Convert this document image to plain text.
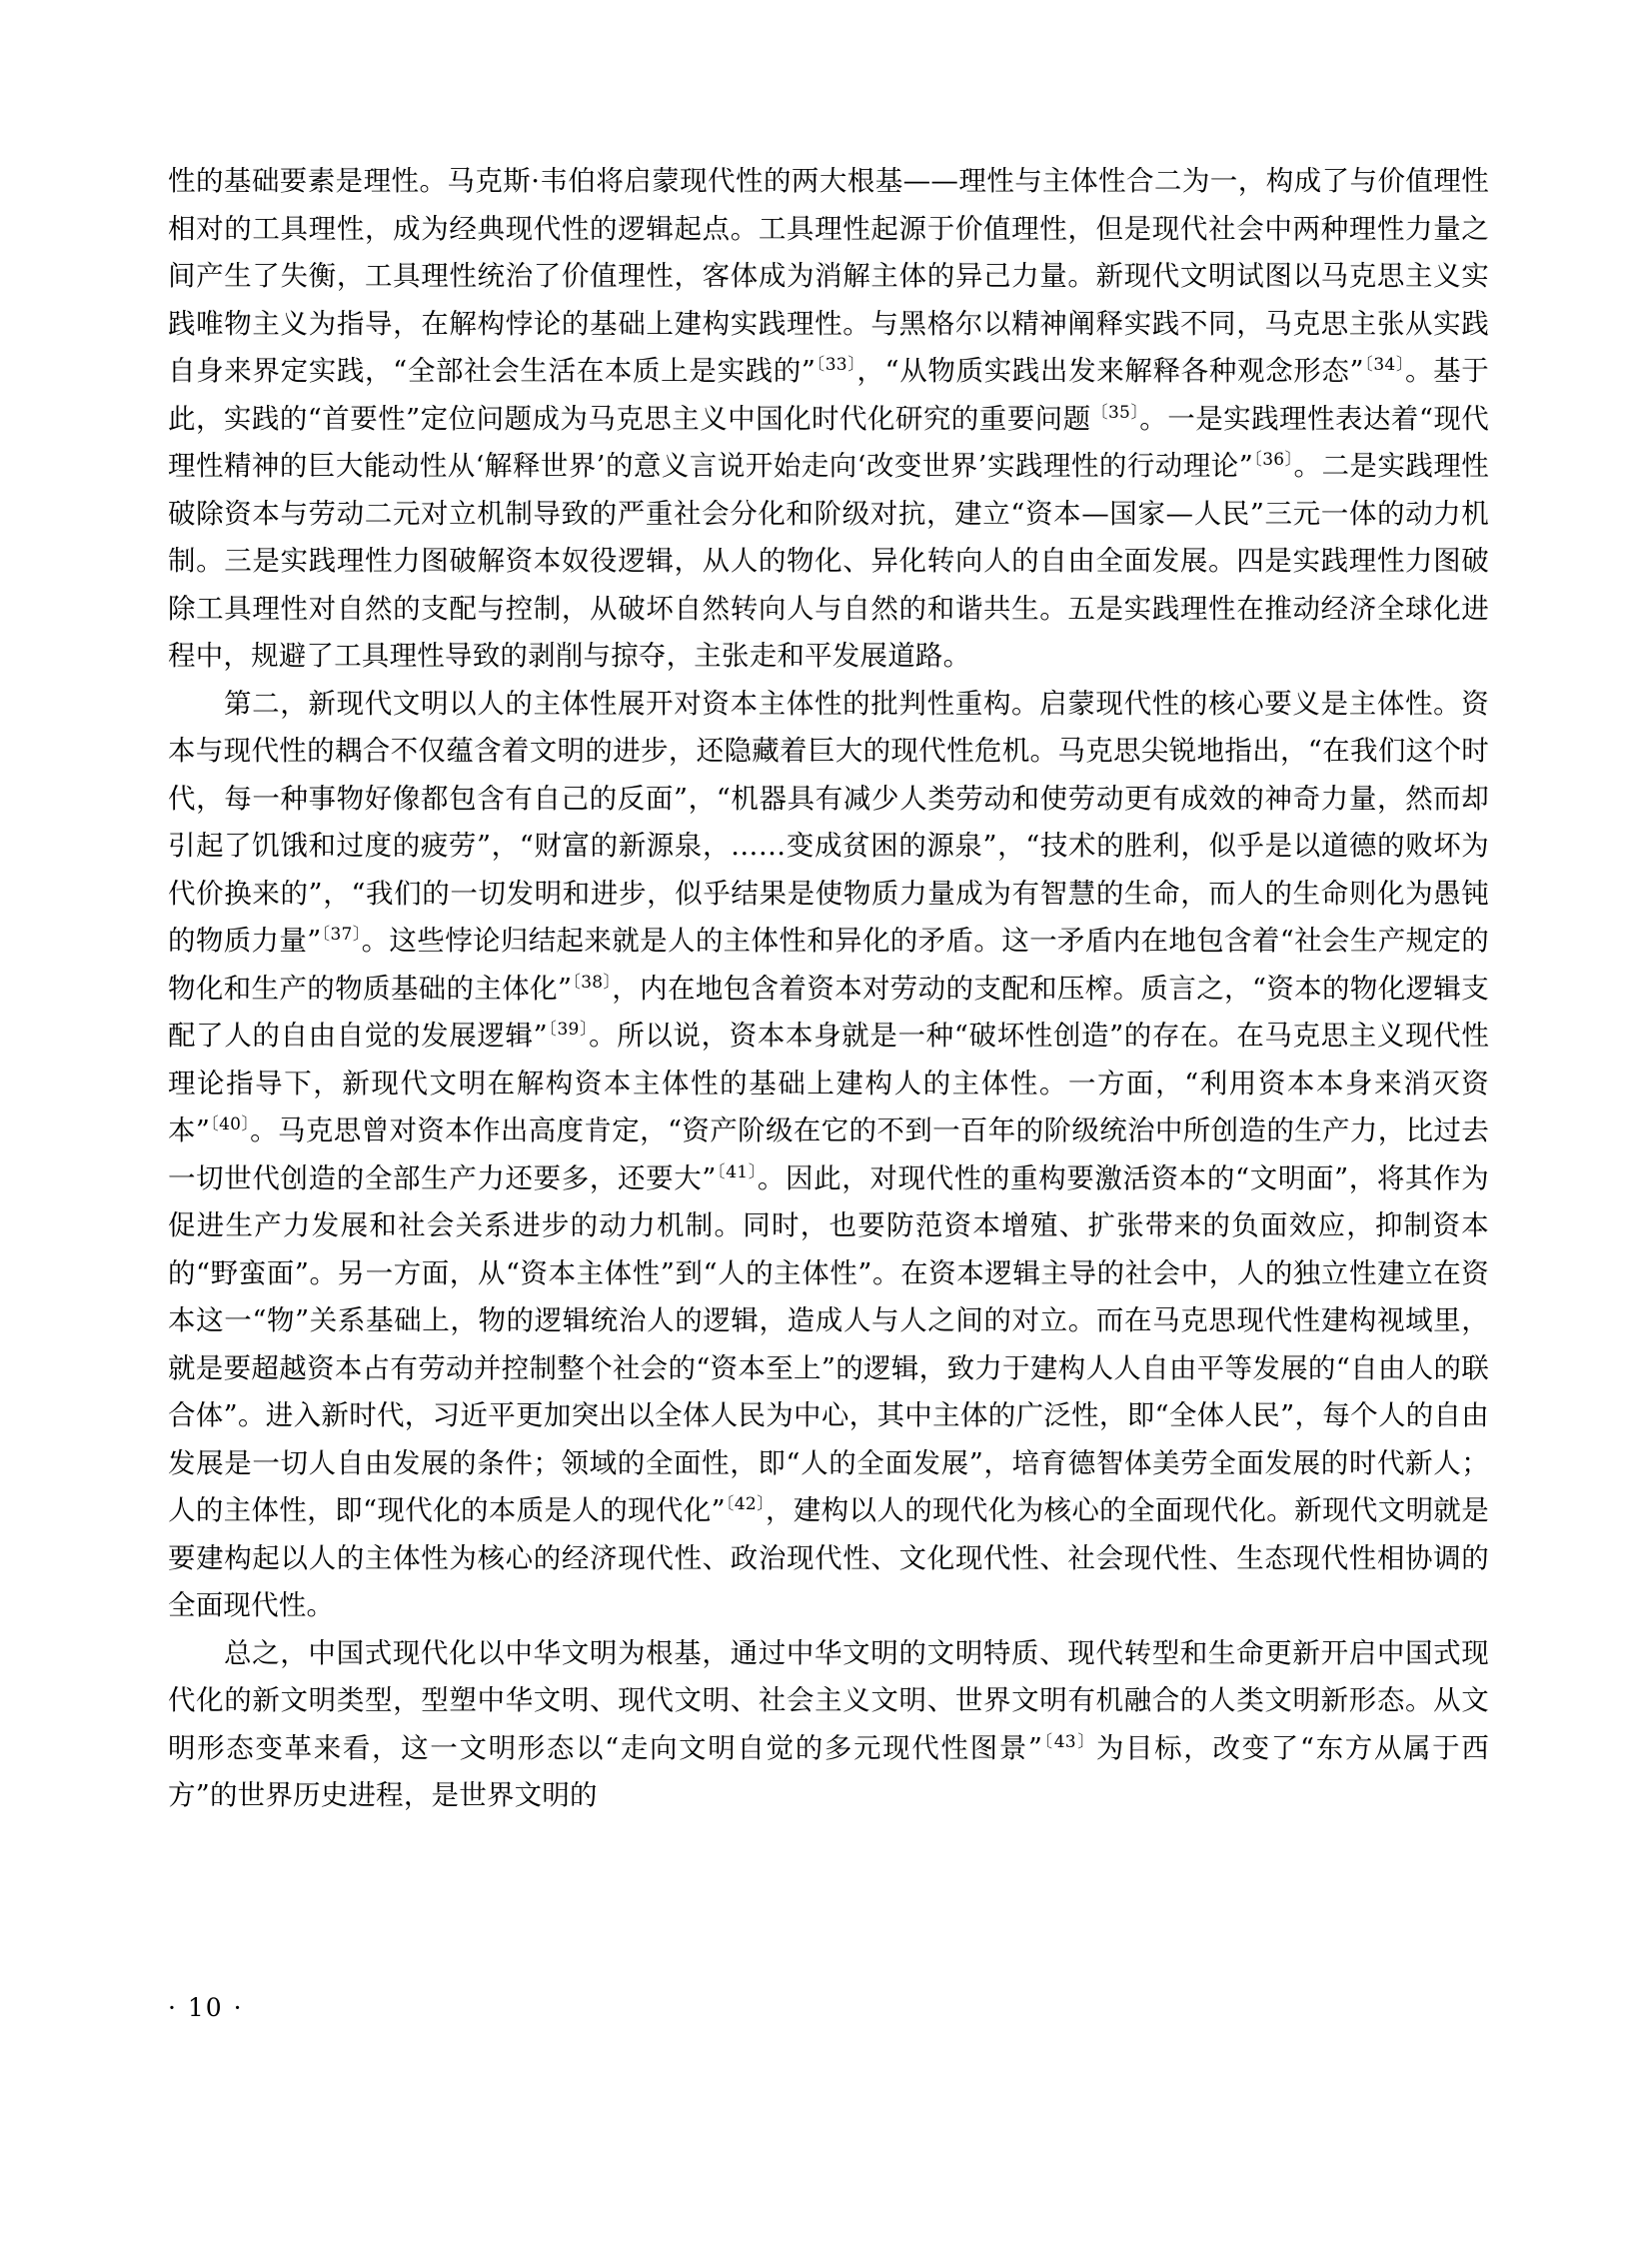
性的基础要素是理性。马克斯·韦伯将启蒙现代性的两大根基——理性与主体性合二为一，构成了与价值理性相对的工具理性，成为经典现代性的逻辑起点。工具理性起源于价值理性，但是现代社会中两种理性力量之间产生了失衡，工具理性统治了价值理性，客体成为消解主体的异己力量。新现代文明试图以马克思主义实践唯物主义为指导，在解构悖论的基础上建构实践理性。与黑格尔以精神阐释实践不同，马克思主张从实践自身来界定实践，“全部社会生活在本质上是实践的”$^{〔33〕}$，“从物质实践出发来解释各种观念形态”$^{〔34〕}$。基于此，实践的“首要性”定位问题成为马克思主义中国化时代化研究的重要问题$^{〔35〕}$。一是实践理性表达着“现代理性精神的巨大能动性从‘解释世界’的意义言说开始走向‘改变世界’实践理性的行动理论”$^{〔36〕}$。二是实践理性破除资本与劳动二元对立机制导致的严重社会分化和阶级对抗，建立“资本—国家—人民”三元一体的动力机制。三是实践理性力图破解资本奴役逻辑，从人的物化、异化转向人的自由全面发展。四是实践理性力图破除工具理性对自然的支配与控制，从破坏自然转向人与自然的和谐共生。五是实践理性在推动经济全球化进程中，规避了工具理性导致的剥削与掠夺，主张走和平发展道路。

第二，新现代文明以人的主体性展开对资本主体性的批判性重构。启蒙现代性的核心要义是主体性。资本与现代性的耦合不仅蕴含着文明的进步，还隐藏着巨大的现代性危机。马克思尖锐地指出，“在我们这个时代，每一种事物好像都包含有自己的反面”，“机器具有减少人类劳动和使劳动更有成效的神奇力量，然而却引起了饥饿和过度的疲劳”，“财富的新源泉，……变成贫困的源泉”，“技术的胜利，似乎是以道德的败坏为代价换来的”，“我们的一切发明和进步，似乎结果是使物质力量成为有智慧的生命，而人的生命则化为愚钝的物质力量”$^{〔37〕}$。这些悖论归结起来就是人的主体性和异化的矛盾。这一矛盾内在地包含着“社会生产规定的物化和生产的物质基础的主体化”$^{〔38〕}$，内在地包含着资本对劳动的支配和压榨。质言之，“资本的物化逻辑支配了人的自由自觉的发展逻辑”$^{〔39〕}$。所以说，资本本身就是一种“破坏性创造”的存在。在马克思主义现代性理论指导下，新现代文明在解构资本主体性的基础上建构人的主体性。一方面，“利用资本本身来消灭资本”$^{〔40〕}$。马克思曾对资本作出高度肯定，“资产阶级在它的不到一百年的阶级统治中所创造的生产力，比过去一切世代创造的全部生产力还要多，还要大”$^{〔41〕}$。因此，对现代性的重构要激活资本的“文明面”，将其作为促进生产力发展和社会关系进步的动力机制。同时，也要防范资本增殖、扩张带来的负面效应，抑制资本的“野蛮面”。另一方面，从“资本主体性”到“人的主体性”。在资本逻辑主导的社会中，人的独立性建立在资本这一“物”关系基础上，物的逻辑统治人的逻辑，造成人与人之间的对立。而在马克思现代性建构视域里，就是要超越资本占有劳动并控制整个社会的“资本至上”的逻辑，致力于建构人人自由平等发展的“自由人的联合体”。进入新时代，习近平更加突出以全体人民为中心，其中主体的广泛性，即“全体人民”，每个人的自由发展是一切人自由发展的条件；领域的全面性，即“人的全面发展”，培育德智体美劳全面发展的时代新人；人的主体性，即“现代化的本质是人的现代化”$^{〔42〕}$，建构以人的现代化为核心的全面现代化。新现代文明就是要建构起以人的主体性为核心的经济现代性、政治现代性、文化现代性、社会现代性、生态现代性相协调的全面现代性。

总之，中国式现代化以中华文明为根基，通过中华文明的文明特质、现代转型和生命更新开启中国式现代化的新文明类型，型塑中华文明、现代文明、社会主义文明、世界文明有机融合的人类文明新形态。从文明形态变革来看，这一文明形态以“走向文明自觉的多元现代性图景”$^{〔43〕}$为目标，改变了“东方从属于西方”的世界历史进程，是世界文明的

· 10 ·
